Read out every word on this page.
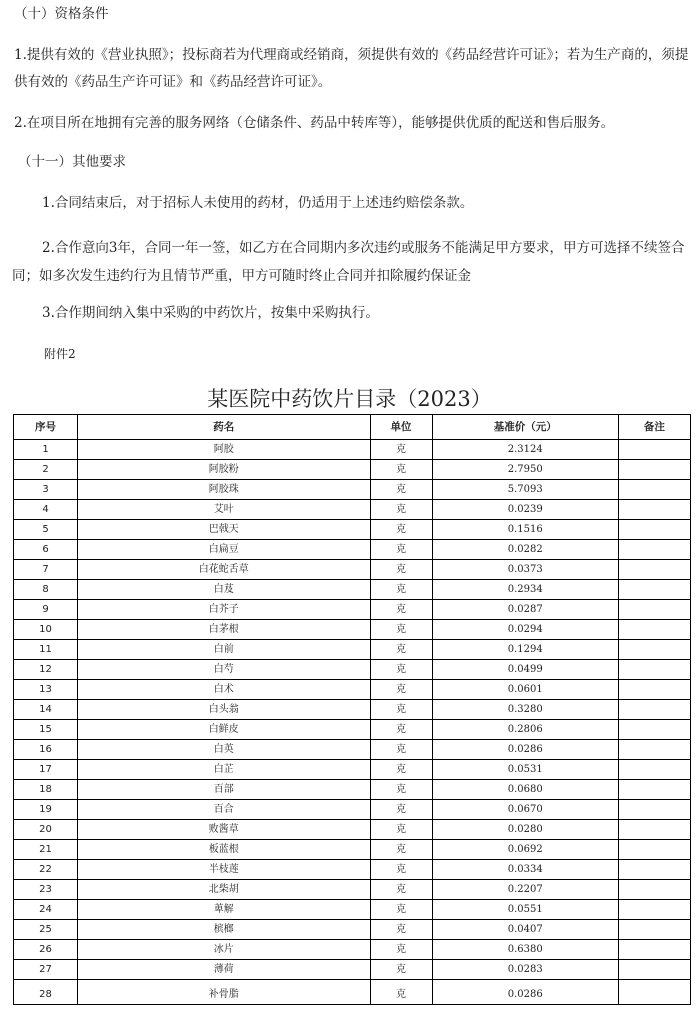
（十）资格条件

1.提供有效的《营业执照》；投标商若为代理商或经销商，须提供有效的《药品经营许可证》；若为生产商的，须提供有效的《药品生产许可证》和《药品经营许可证》。

2.在项目所在地拥有完善的服务网络（仓储条件、药品中转库等），能够提供优质的配送和售后服务。

（十一）其他要求

1.合同结束后，对于招标人未使用的药材，仍适用于上述违约赔偿条款。

2.合作意向3年，合同一年一签，如乙方在合同期内多次违约或服务不能满足甲方要求，甲方可选择不续签合同；如多次发生违约行为且情节严重，甲方可随时终止合同并扣除履约保证金

3.合作期间纳入集中采购的中药饮片，按集中采购执行。

附件2

某医院中药饮片目录（2023）

序号	药名	单位	基准价（元）	备注
1	阿胶	克	2.3124	
2	阿胶粉	克	2.7950	
3	阿胶珠	克	5.7093	
4	艾叶	克	0.0239	
5	巴戟天	克	0.1516	
6	白扁豆	克	0.0282	
7	白花蛇舌草	克	0.0373	
8	白芨	克	0.2934	
9	白芥子	克	0.0287	
10	白茅根	克	0.0294	
11	白前	克	0.1294	
12	白芍	克	0.0499	
13	白术	克	0.0601	
14	白头翁	克	0.3280	
15	白鲜皮	克	0.2806	
16	白英	克	0.0286	
17	白芷	克	0.0531	
18	百部	克	0.0680	
19	百合	克	0.0670	
20	败酱草	克	0.0280	
21	板蓝根	克	0.0692	
22	半枝莲	克	0.0334	
23	北柴胡	克	0.2207	
24	萆解	克	0.0551	
25	槟榔	克	0.0407	
26	冰片	克	0.6380	
27	薄荷	克	0.0283	
28	补骨脂	克	0.0286	
